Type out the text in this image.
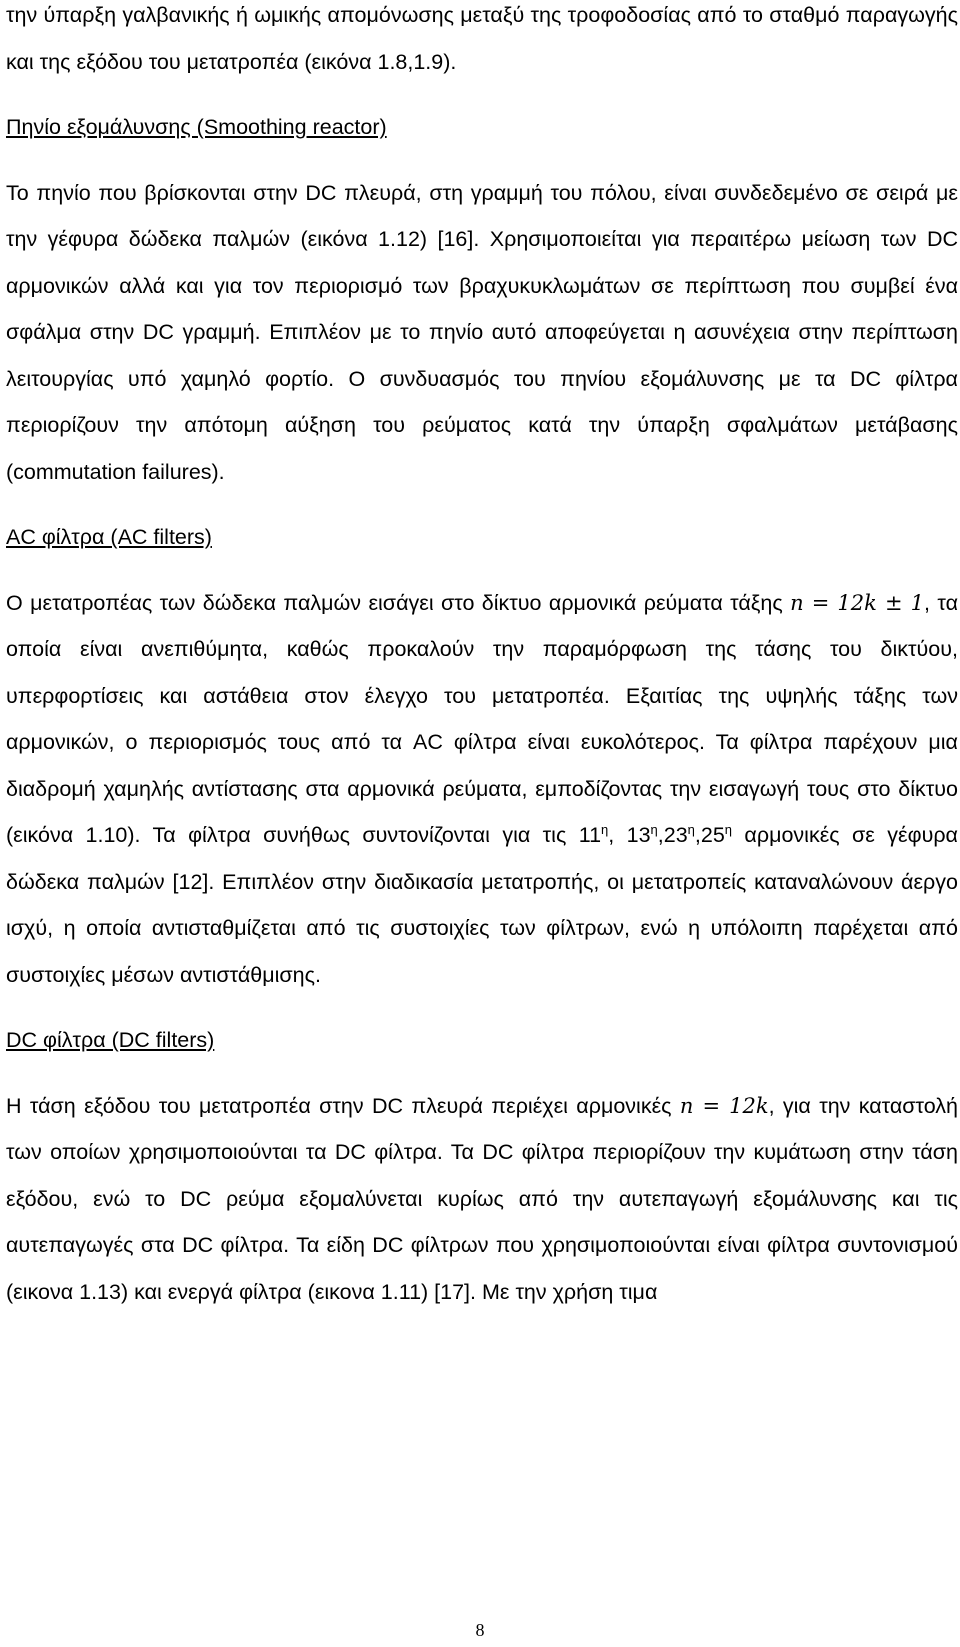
την ύπαρξη γαλβανικής ή ωμικής απομόνωσης μεταξύ της τροφοδοσίας από το σταθμό παραγωγής και της εξόδου του μετατροπέα (εικόνα 1.8,1.9).

Πηνίο εξομάλυνσης (Smoothing reactor)

Το πηνίο που βρίσκονται στην DC πλευρά, στη γραμμή του πόλου, είναι συνδεδεμένο σε σειρά με την γέφυρα δώδεκα παλμών (εικόνα 1.12) [16]. Χρησιμοποιείται για περαιτέρω μείωση των DC αρμονικών αλλά και για τον περιορισμό των βραχυκυκλωμάτων σε περίπτωση που συμβεί ένα σφάλμα στην DC γραμμή. Επιπλέον με το πηνίο αυτό αποφεύγεται η ασυνέχεια στην περίπτωση λειτουργίας υπό χαμηλό φορτίο. Ο συνδυασμός του πηνίου εξομάλυνσης με τα DC φίλτρα περιορίζουν την απότομη αύξηση του ρεύματος κατά την ύπαρξη σφαλμάτων μετάβασης (commutation failures).

AC φίλτρα (AC filters)

Ο μετατροπέας των δώδεκα παλμών εισάγει στο δίκτυο αρμονικά ρεύματα τάξης n = 12k ± 1, τα οποία είναι ανεπιθύμητα, καθώς προκαλούν την παραμόρφωση της τάσης του δικτύου, υπερφορτίσεις και αστάθεια στον έλεγχο του μετατροπέα. Εξαιτίας της υψηλής τάξης των αρμονικών, ο περιορισμός τους από τα AC φίλτρα είναι ευκολότερος. Τα φίλτρα παρέχουν μια διαδρομή χαμηλής αντίστασης στα αρμονικά ρεύματα, εμποδίζοντας την εισαγωγή τους στο δίκτυο (εικόνα 1.10). Τα φίλτρα συνήθως συντονίζονται για τις $11^\eta$, $13^\eta,23^\eta,25^\eta$ αρμονικές σε γέφυρα δώδεκα παλμών [12]. Επιπλέον στην διαδικασία μετατροπής, οι μετατροπείς καταναλώνουν άεργο ισχύ, η οποία αντισταθμίζεται από τις συστοιχίες των φίλτρων, ενώ η υπόλοιπη παρέχεται από συστοιχίες μέσων αντιστάθμισης.

DC φίλτρα (DC filters)

Η τάση εξόδου του μετατροπέα στην DC πλευρά περιέχει αρμονικές n = 12k, για την καταστολή των οποίων χρησιμοποιούνται τα DC φίλτρα. Τα DC φίλτρα περιορίζουν την κυμάτωση στην τάση εξόδου, ενώ το DC ρεύμα εξομαλύνεται κυρίως από την αυτεπαγωγή εξομάλυνσης και τις αυτεπαγωγές στα DC φίλτρα. Τα είδη DC φίλτρων που χρησιμοποιούνται είναι φίλτρα συντονισμού (εικονα 1.13) και ενεργά φίλτρα (εικονα 1.11) [17]. Με την χρήση τιμα

8
